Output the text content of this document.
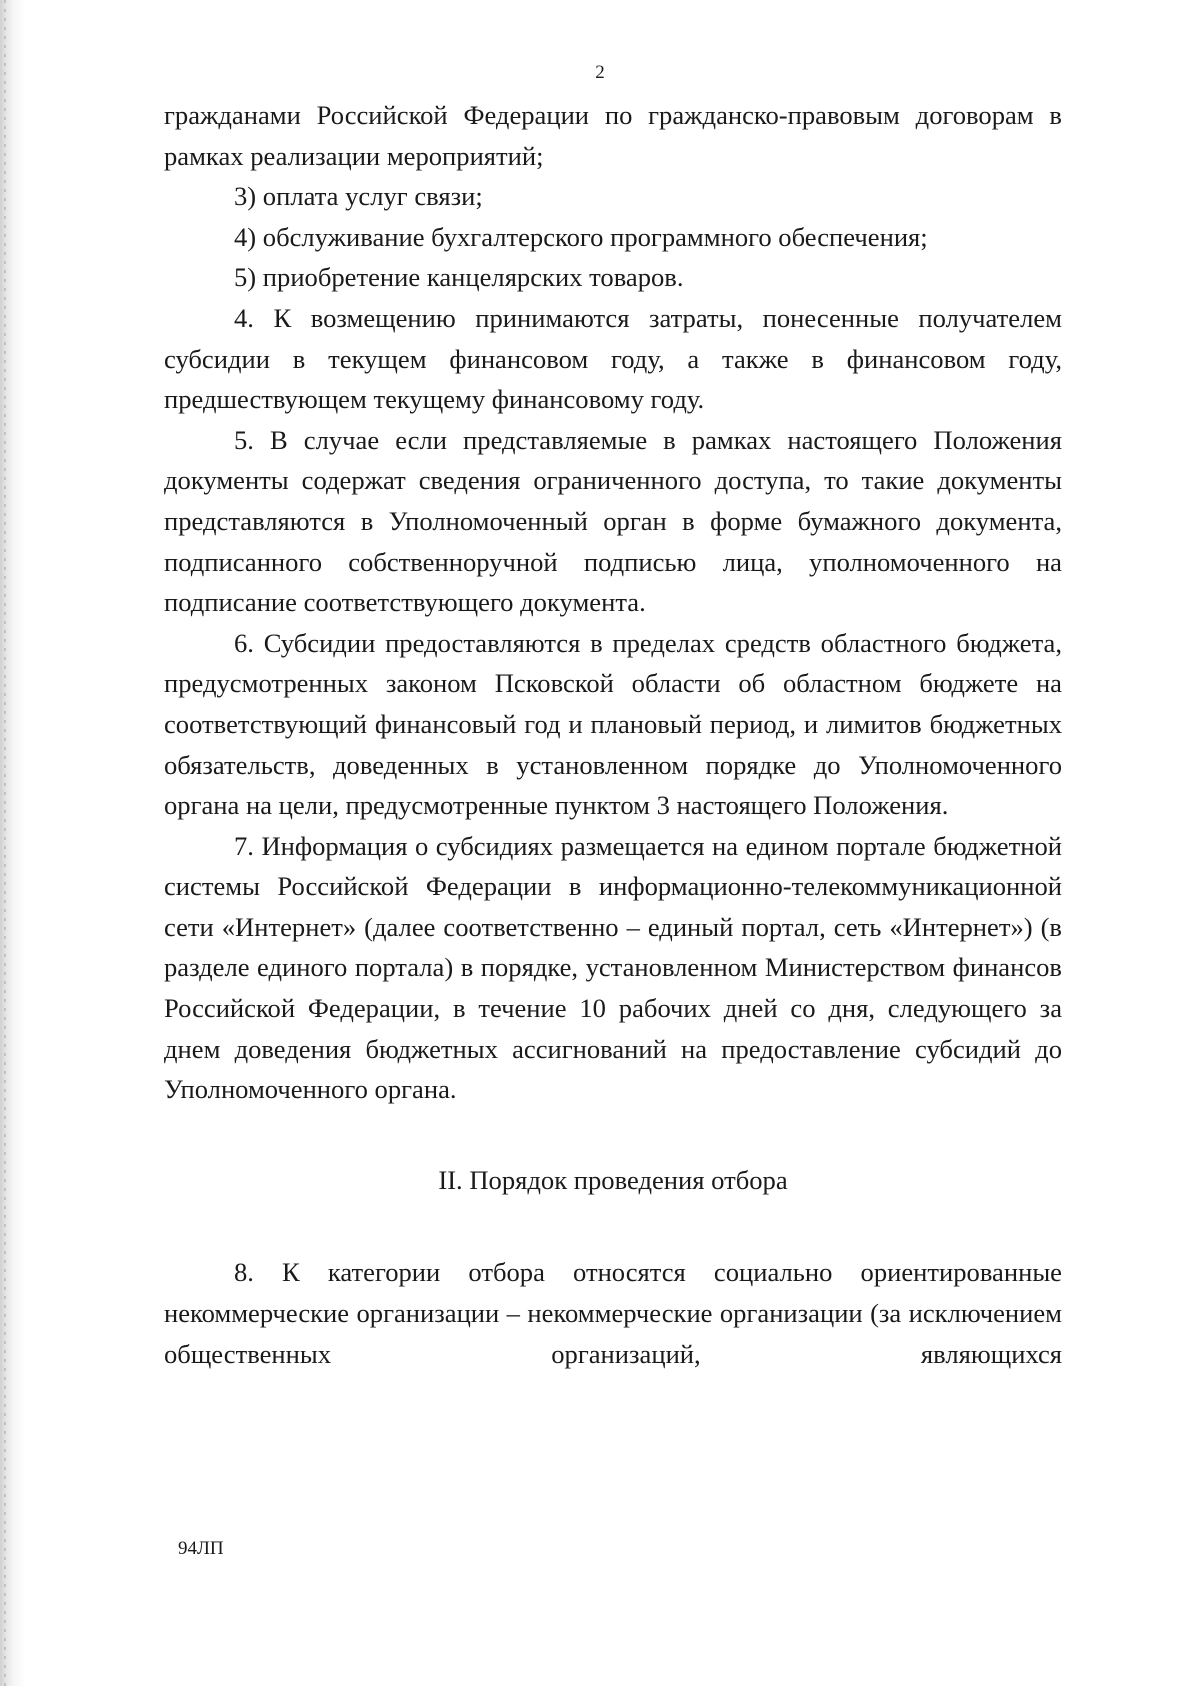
2

гражданами Российской Федерации по гражданско-правовым договорам в рамках реализации мероприятий;

3) оплата услуг связи;

4) обслуживание бухгалтерского программного обеспечения;

5) приобретение канцелярских товаров.

4. К возмещению принимаются затраты, понесенные получателем субсидии в текущем финансовом году, а также в финансовом году, предшествующем текущему финансовому году.

5. В случае если представляемые в рамках настоящего Положения документы содержат сведения ограниченного доступа, то такие документы представляются в Уполномоченный орган в форме бумажного документа, подписанного собственноручной подписью лица, уполномоченного на подписание соответствующего документа.

6. Субсидии предоставляются в пределах средств областного бюджета, предусмотренных законом Псковской области об областном бюджете на соответствующий финансовый год и плановый период, и лимитов бюджетных обязательств, доведенных в установленном порядке до Уполномоченного органа на цели, предусмотренные пунктом 3 настоящего Положения.

7. Информация о субсидиях размещается на едином портале бюджетной системы Российской Федерации в информационно-телекоммуникационной сети «Интернет» (далее соответственно – единый портал, сеть «Интернет») (в разделе единого портала) в порядке, установленном Министерством финансов Российской Федерации, в течение 10 рабочих дней со дня, следующего за днем доведения бюджетных ассигнований на предоставление субсидий до Уполномоченного органа.

II. Порядок проведения отбора

8. К категории отбора относятся социально ориентированные некоммерческие организации – некоммерческие организации (за исключением общественных организаций, являющихся

94ЛП
